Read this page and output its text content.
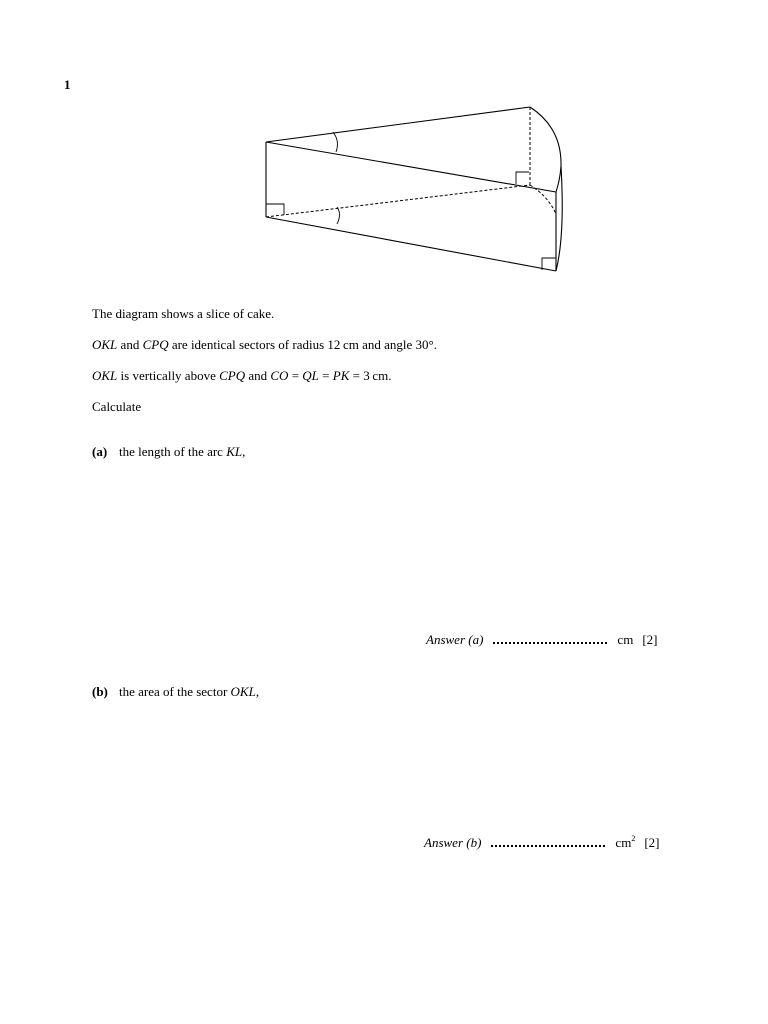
1
The diagram shows a slice of cake.
OKL and CPQ are identical sectors of radius 12 cm and angle 30°.
OKL is vertically above CPQ and CO = QL = PK = 3 cm.
Calculate
(a) the length of the arc KL,
Answer (a)	cm [2]
(b) the area of the sector OKL,
Answer (b)	$cm^2$ [2]
